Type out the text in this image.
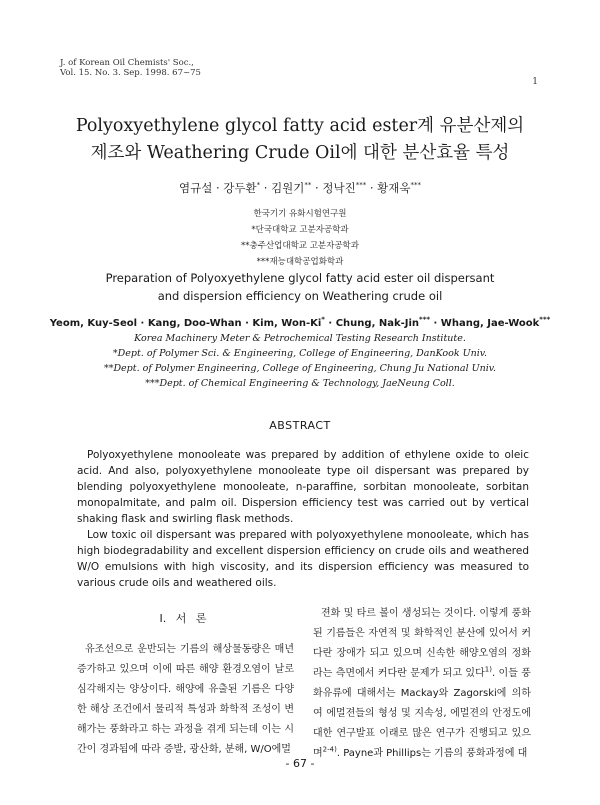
J. of Korean Oil Chemists' Soc.,
Vol. 15. No. 3. Sep. 1998. 67~75
1
Polyoxyethylene glycol fatty acid ester계 유분산제의
제조와 Weathering Crude Oil에 대한 분산효율 특성
염규설 · 강두환* · 김원기** · 정낙진*** · 황재욱***
한국기기 유화시험연구원
*단국대학교 고분자공학과
**충주산업대학교 고분자공학과
***재능대학공업화학과
Preparation of Polyoxyethylene glycol fatty acid ester oil dispersant
and dispersion efficiency on Weathering crude oil
Yeom, Kuy-Seol · Kang, Doo-Whan · Kim, Won-Ki* · Chung, Nak-Jin*** · Whang, Jae-Wook***
Korea Machinery Meter & Petrochemical Testing Research Institute.
*Dept. of Polymer Sci. & Engineering, College of Engineering, DanKook Univ.
**Dept. of Polymer Engineering, College of Engineering, Chung Ju National Univ.
***Dept. of Chemical Engineering & Technology, JaeNeung Coll.
ABSTRACT

Polyoxyethylene monooleate was prepared by addition of ethylene oxide to oleic acid. And also, polyoxyethylene monooleate type oil dispersant was prepared by blending polyoxyethylene monooleate, n-paraffine, sorbitan monooleate, sorbitan monopalmitate, and palm oil. Dispersion efficiency test was carried out by vertical shaking flask and swirling flask methods.

Low toxic oil dispersant was prepared with polyoxyethylene monooleate, which has high biodegradability and excellent dispersion efficiency on crude oils and weathered W/O emulsions with high viscosity, and its dispersion efficiency was measured to various crude oils and weathered oils.

I. 서 론

유조선으로 운반되는 기름의 해상물동량은 매년 증가하고 있으며 이에 따른 해양 환경오염이 날로 심각해지는 양상이다. 해양에 유출된 기름은 다양한 해상 조건에서 물리적 특성과 화학적 조성이 변해가는 풍화라고 하는 과정을 겪게 되는데 이는 시간이 경과됨에 따라 증발, 광산화, 분해, W/O에멀

젼화 및 타르 볼이 생성되는 것이다. 이렇게 풍화된 기름들은 자연적 및 화학적인 분산에 있어서 커다란 장애가 되고 있으며 신속한 해양오염의 정화라는 측면에서 커다란 문제가 되고 있다$^{1)}$. 이들 풍화유류에 대해서는 Mackay와 Zagorski에 의하여 에멀젼들의 형성 및 지속성, 에멀젼의 안정도에 대한 연구발표 이래로 많은 연구가 진행되고 있으며$^{2-4)}$. Payne과 Phillips는 기름의 풍화과정에 대

- 67 -
